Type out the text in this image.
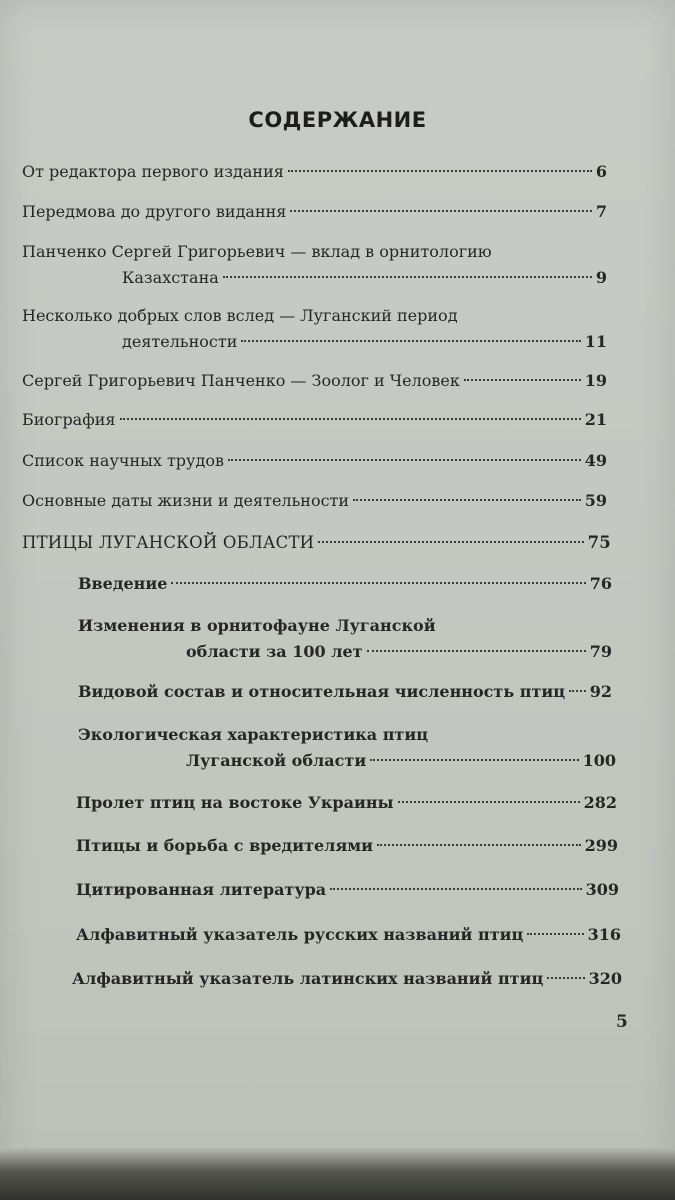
СОДЕРЖАНИЕ
От редактора первого издания	6
Передмова до другого видання	7
Панченко Сергей Григорьевич — вклад в орнитологию
Казахстана	9
Несколько добрых слов вслед — Луганский период
деятельности	11
Сергей Григорьевич Панченко — Зоолог и Человек	19
Биография	21
Список научных трудов	49
Основные даты жизни и деятельности	59
ПТИЦЫ ЛУГАНСКОЙ ОБЛАСТИ	75
Введение	76
Изменения в орнитофауне Луганской
области за 100 лет	79
Видовой состав и относительная численность птиц 92
Экологическая характеристика птиц
Луганской области	100
Пролет птиц на востоке Украины	282
Птицы и борьба с вредителями	299
Цитированная литература	309
Алфавитный указатель русских названий птиц	316
Алфавитный указатель латинских названий птиц	320
5
